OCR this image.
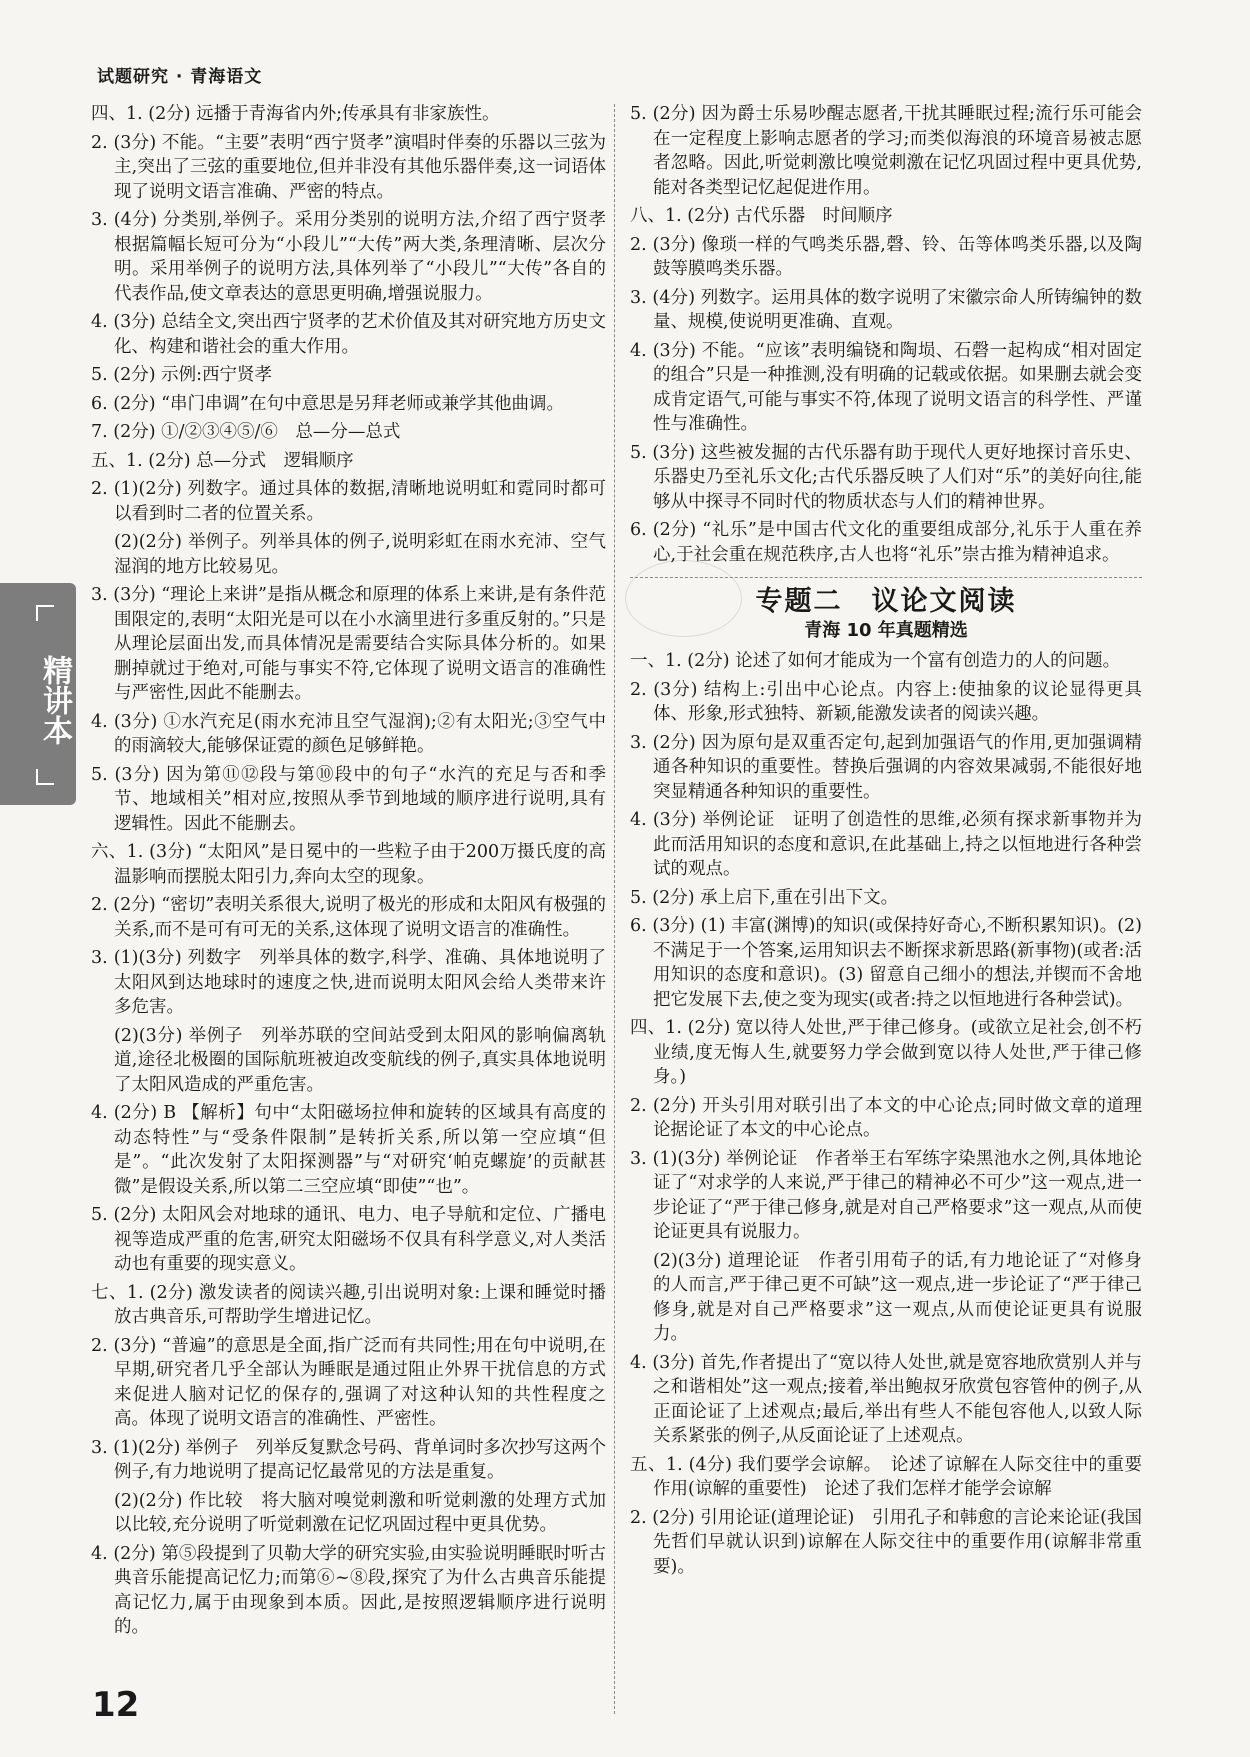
试题研究 · 青海语文
精讲本
四、1. (2分) 远播于青海省内外;传承具有非家族性。
2. (3分) 不能。“主要”表明“西宁贤孝”演唱时伴奏的乐器以三弦为主,突出了三弦的重要地位,但并非没有其他乐器伴奏,这一词语体现了说明文语言准确、严密的特点。
3. (4分) 分类别,举例子。采用分类别的说明方法,介绍了西宁贤孝根据篇幅长短可分为“小段儿”“大传”两大类,条理清晰、层次分明。采用举例子的说明方法,具体列举了“小段儿”“大传”各自的代表作品,使文章表达的意思更明确,增强说服力。
4. (3分) 总结全文,突出西宁贤孝的艺术价值及其对研究地方历史文化、构建和谐社会的重大作用。
5. (2分) 示例:西宁贤孝
6. (2分) “串门串调”在句中意思是另拜老师或兼学其他曲调。
7. (2分) ①/②③④⑤/⑥　总—分—总式
五、1. (2分) 总—分式　逻辑顺序
2. (1)(2分) 列数字。通过具体的数据,清晰地说明虹和霓同时都可以看到时二者的位置关系。
(2)(2分) 举例子。列举具体的例子,说明彩虹在雨水充沛、空气湿润的地方比较易见。
3. (3分) “理论上来讲”是指从概念和原理的体系上来讲,是有条件范围限定的,表明“太阳光是可以在小水滴里进行多重反射的。”只是从理论层面出发,而具体情况是需要结合实际具体分析的。如果删掉就过于绝对,可能与事实不符,它体现了说明文语言的准确性与严密性,因此不能删去。
4. (3分) ①水汽充足(雨水充沛且空气湿润);②有太阳光;③空气中的雨滴较大,能够保证霓的颜色足够鲜艳。
5. (3分) 因为第⑪⑫段与第⑩段中的句子“水汽的充足与否和季节、地域相关”相对应,按照从季节到地域的顺序进行说明,具有逻辑性。因此不能删去。
六、1. (3分) “太阳风”是日冕中的一些粒子由于200万摄氏度的高温影响而摆脱太阳引力,奔向太空的现象。
2. (2分) “密切”表明关系很大,说明了极光的形成和太阳风有极强的关系,而不是可有可无的关系,这体现了说明文语言的准确性。
3. (1)(3分) 列数字　列举具体的数字,科学、准确、具体地说明了太阳风到达地球时的速度之快,进而说明太阳风会给人类带来许多危害。
(2)(3分) 举例子　列举苏联的空间站受到太阳风的影响偏离轨道,途径北极圈的国际航班被迫改变航线的例子,真实具体地说明了太阳风造成的严重危害。
4. (2分) B 【解析】句中“太阳磁场拉伸和旋转的区域具有高度的动态特性”与“受条件限制”是转折关系,所以第一空应填“但是”。“此次发射了太阳探测器”与“对研究‘帕克螺旋’的贡献甚微”是假设关系,所以第二三空应填“即使”“也”。
5. (2分) 太阳风会对地球的通讯、电力、电子导航和定位、广播电视等造成严重的危害,研究太阳磁场不仅具有科学意义,对人类活动也有重要的现实意义。
七、1. (2分) 激发读者的阅读兴趣,引出说明对象:上课和睡觉时播放古典音乐,可帮助学生增进记忆。
2. (3分) “普遍”的意思是全面,指广泛而有共同性;用在句中说明,在早期,研究者几乎全部认为睡眠是通过阻止外界干扰信息的方式来促进人脑对记忆的保存的,强调了对这种认知的共性程度之高。体现了说明文语言的准确性、严密性。
3. (1)(2分) 举例子　列举反复默念号码、背单词时多次抄写这两个例子,有力地说明了提高记忆最常见的方法是重复。
(2)(2分) 作比较　将大脑对嗅觉刺激和听觉刺激的处理方式加以比较,充分说明了听觉刺激在记忆巩固过程中更具优势。
4. (2分) 第⑤段提到了贝勒大学的研究实验,由实验说明睡眠时听古典音乐能提高记忆力;而第⑥~⑧段,探究了为什么古典音乐能提高记忆力,属于由现象到本质。因此,是按照逻辑顺序进行说明的。
5. (2分) 因为爵士乐易吵醒志愿者,干扰其睡眠过程;流行乐可能会在一定程度上影响志愿者的学习;而类似海浪的环境音易被志愿者忽略。因此,听觉刺激比嗅觉刺激在记忆巩固过程中更具优势,能对各类型记忆起促进作用。
八、1. (2分) 古代乐器　时间顺序
2. (3分) 像琐一样的气鸣类乐器,磬、铃、缶等体鸣类乐器,以及陶鼓等膜鸣类乐器。
3. (4分) 列数字。运用具体的数字说明了宋徽宗命人所铸编钟的数量、规模,使说明更准确、直观。
4. (3分) 不能。“应该”表明编铙和陶埙、石磬一起构成“相对固定的组合”只是一种推测,没有明确的记载或依据。如果删去就会变成肯定语气,可能与事实不符,体现了说明文语言的科学性、严谨性与准确性。
5. (3分) 这些被发掘的古代乐器有助于现代人更好地探讨音乐史、乐器史乃至礼乐文化;古代乐器反映了人们对“乐”的美好向往,能够从中探寻不同时代的物质状态与人们的精神世界。
6. (2分) “礼乐”是中国古代文化的重要组成部分,礼乐于人重在养心,于社会重在规范秩序,古人也将“礼乐”崇古推为精神追求。
专题二　议论文阅读
青海 10 年真题精选
一、1. (2分) 论述了如何才能成为一个富有创造力的人的问题。
2. (3分) 结构上:引出中心论点。内容上:使抽象的议论显得更具体、形象,形式独特、新颖,能激发读者的阅读兴趣。
3. (2分) 因为原句是双重否定句,起到加强语气的作用,更加强调精通各种知识的重要性。替换后强调的内容效果减弱,不能很好地突显精通各种知识的重要性。
4. (3分) 举例论证　证明了创造性的思维,必须有探求新事物并为此而活用知识的态度和意识,在此基础上,持之以恒地进行各种尝试的观点。
5. (2分) 承上启下,重在引出下文。
6. (3分) (1) 丰富(渊博)的知识(或保持好奇心,不断积累知识)。(2) 不满足于一个答案,运用知识去不断探求新思路(新事物)(或者:活用知识的态度和意识)。(3) 留意自己细小的想法,并锲而不舍地把它发展下去,使之变为现实(或者:持之以恒地进行各种尝试)。
四、1. (2分) 宽以待人处世,严于律己修身。(或欲立足社会,创不朽业绩,度无悔人生,就要努力学会做到宽以待人处世,严于律己修身。)
2. (2分) 开头引用对联引出了本文的中心论点;同时做文章的道理论据论证了本文的中心论点。
3. (1)(3分) 举例论证　作者举王右军练字染黑池水之例,具体地论证了“对求学的人来说,严于律己的精神必不可少”这一观点,进一步论证了“严于律己修身,就是对自己严格要求”这一观点,从而使论证更具有说服力。
(2)(3分) 道理论证　作者引用荀子的话,有力地论证了“对修身的人而言,严于律己更不可缺”这一观点,进一步论证了“严于律己修身,就是对自己严格要求”这一观点,从而使论证更具有说服力。
4. (3分) 首先,作者提出了“宽以待人处世,就是宽容地欣赏别人并与之和谐相处”这一观点;接着,举出鲍叔牙欣赏包容管仲的例子,从正面论证了上述观点;最后,举出有些人不能包容他人,以致人际关系紧张的例子,从反面论证了上述观点。
五、1. (4分) 我们要学会谅解。　论述了谅解在人际交往中的重要作用(谅解的重要性)　论述了我们怎样才能学会谅解
2. (2分) 引用论证(道理论证)　引用孔子和韩愈的言论来论证(我国先哲们早就认识到)谅解在人际交往中的重要作用(谅解非常重要)。
12
